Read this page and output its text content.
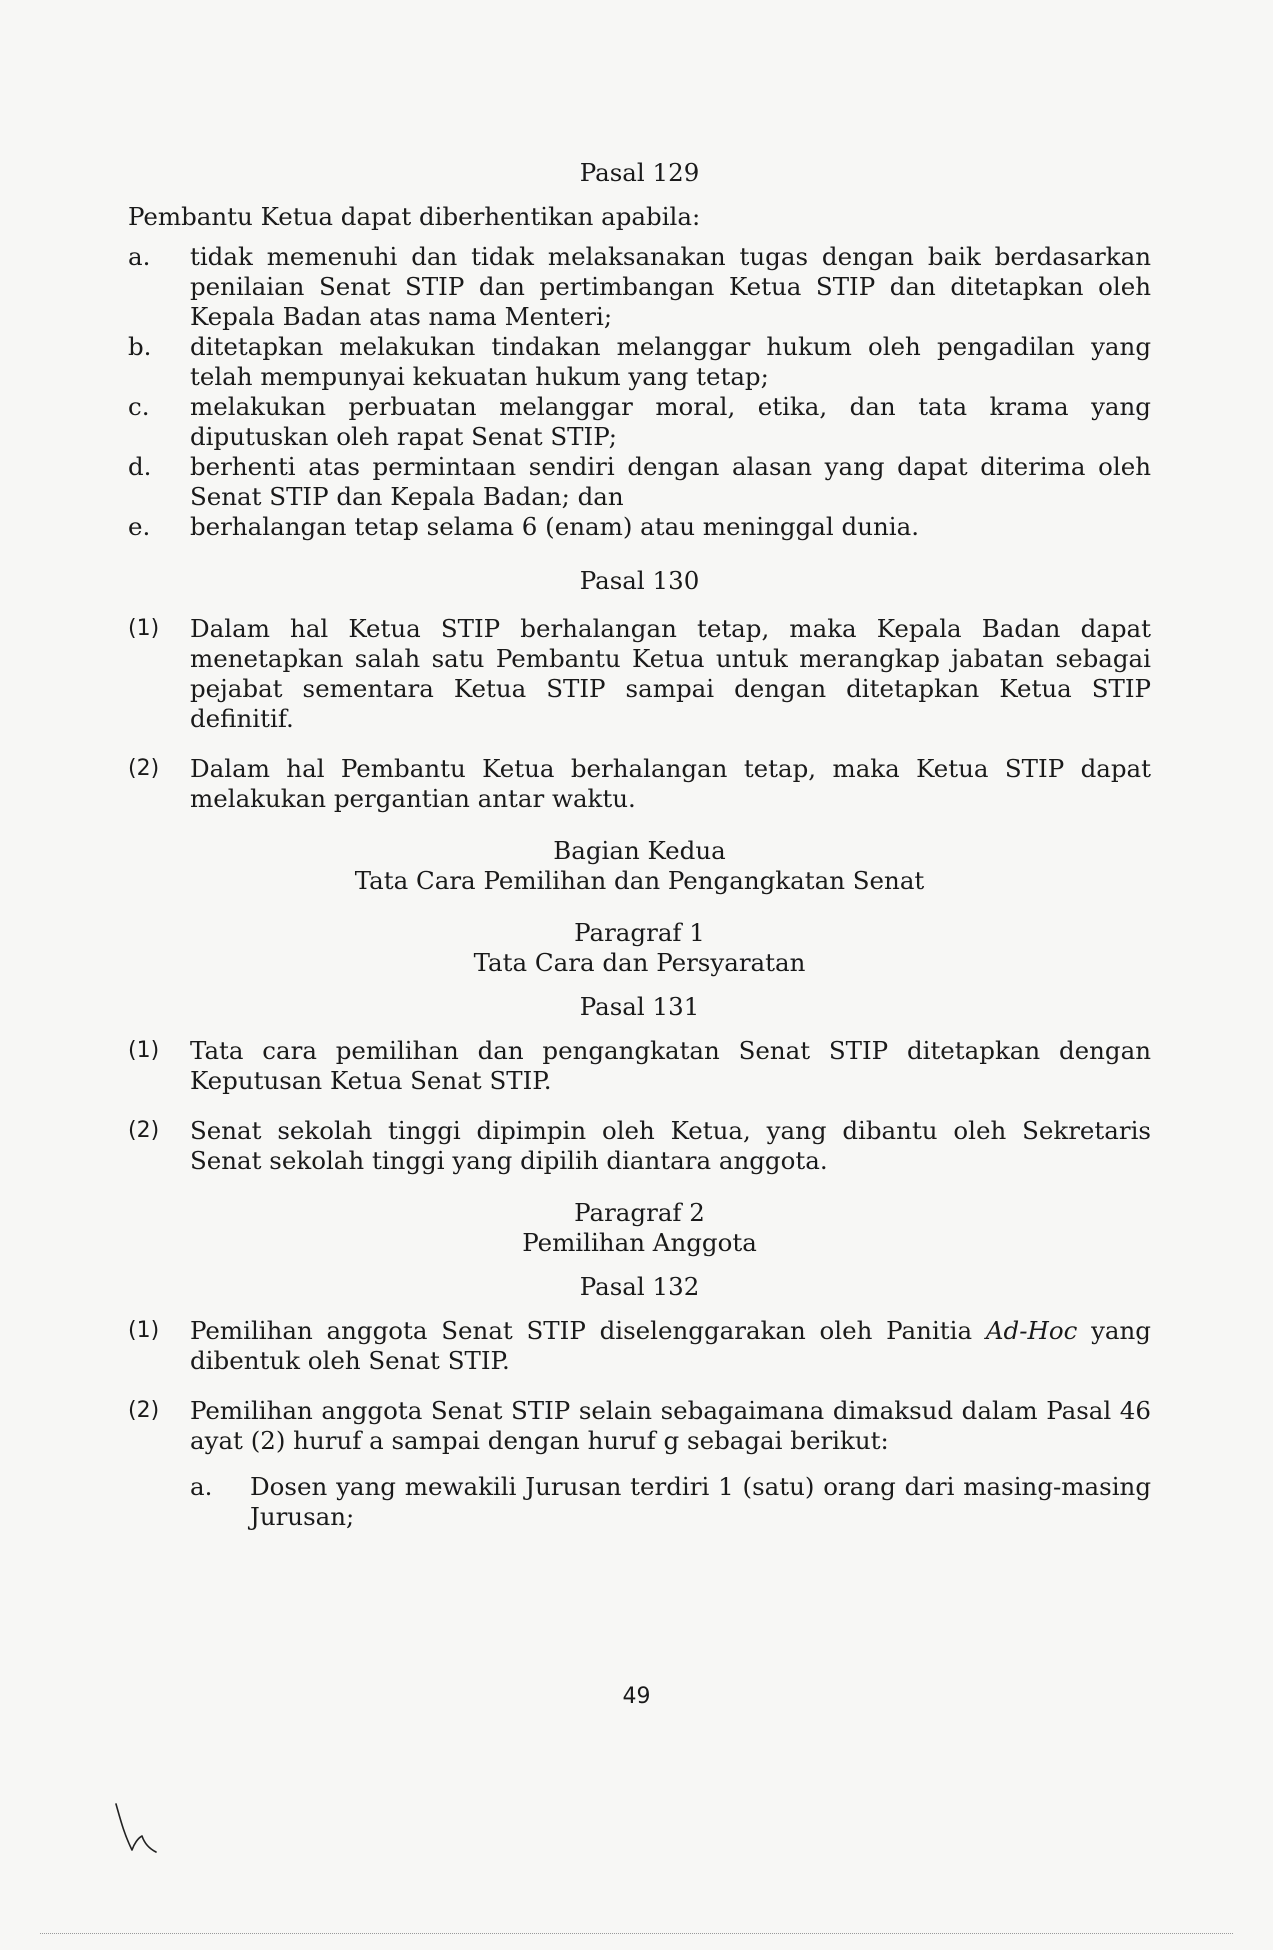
Pasal 129

Pembantu Ketua dapat diberhentikan apabila:

a.	tidak memenuhi dan tidak melaksanakan tugas dengan baik berdasarkan penilaian Senat STIP dan pertimbangan Ketua STIP dan ditetapkan oleh Kepala Badan atas nama Menteri;
b.	ditetapkan melakukan tindakan melanggar hukum oleh pengadilan yang telah mempunyai kekuatan hukum yang tetap;
c.	melakukan perbuatan melanggar moral, etika, dan tata krama yang diputuskan oleh rapat Senat STIP;
d.	berhenti atas permintaan sendiri dengan alasan yang dapat diterima oleh Senat STIP dan Kepala Badan; dan
e.	berhalangan tetap selama 6 (enam) atau meninggal dunia.

Pasal 130

(1)	Dalam hal Ketua STIP berhalangan tetap, maka Kepala Badan dapat menetapkan salah satu Pembantu Ketua untuk merangkap jabatan sebagai pejabat sementara Ketua STIP sampai dengan ditetapkan Ketua STIP definitif.
(2)	Dalam hal Pembantu Ketua berhalangan tetap, maka Ketua STIP dapat melakukan pergantian antar waktu.

Bagian Kedua

Tata Cara Pemilihan dan Pengangkatan Senat

Paragraf 1

Tata Cara dan Persyaratan

Pasal 131

(1)	Tata cara pemilihan dan pengangkatan Senat STIP ditetapkan dengan Keputusan Ketua Senat STIP.
(2)	Senat sekolah tinggi dipimpin oleh Ketua, yang dibantu oleh Sekretaris Senat sekolah tinggi yang dipilih diantara anggota.

Paragraf 2

Pemilihan Anggota

Pasal 132

(1)	Pemilihan anggota Senat STIP diselenggarakan oleh Panitia Ad-Hoc yang dibentuk oleh Senat STIP.
(2)	Pemilihan anggota Senat STIP selain sebagaimana dimaksud dalam Pasal 46 ayat (2) huruf a sampai dengan huruf g sebagai berikut:
a.	Dosen yang mewakili Jurusan terdiri 1 (satu) orang dari masing-masing Jurusan;
49
